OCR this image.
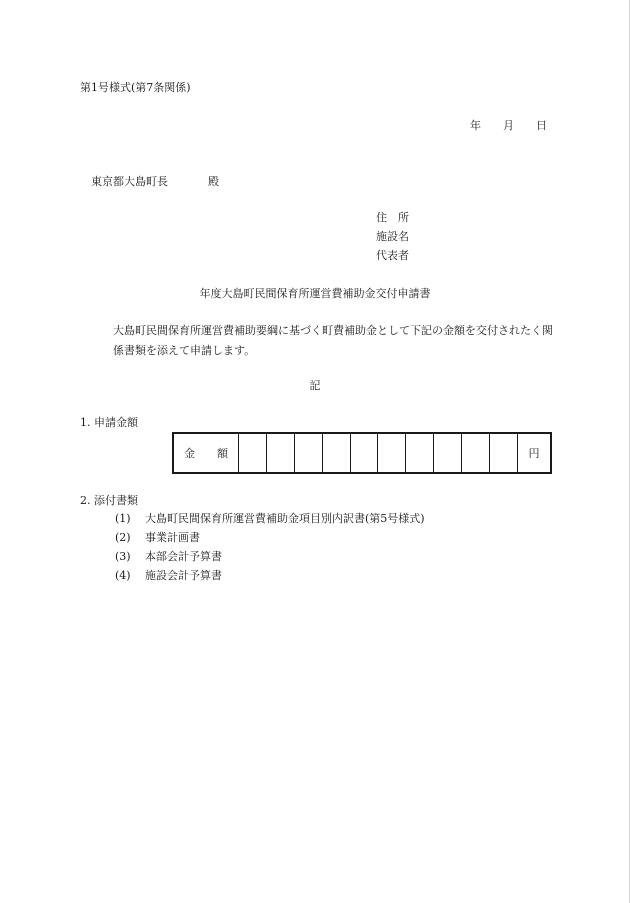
第1号様式(第7条関係)
年 月 日
東京都大島町長	殿
住　所
施設名
代表者
年度大島町民間保育所運営費補助金交付申請書
大島町民間保育所運営費補助要綱に基づく町費補助金として下記の金額を交付されたく関係書類を添えて申請します。
記
1. 申請金額
金 額											円
2. 添付書類
(1) 大島町民間保育所運営費補助金項目別内訳書(第5号様式)
(2) 事業計画書
(3) 本部会計予算書
(4) 施設会計予算書
